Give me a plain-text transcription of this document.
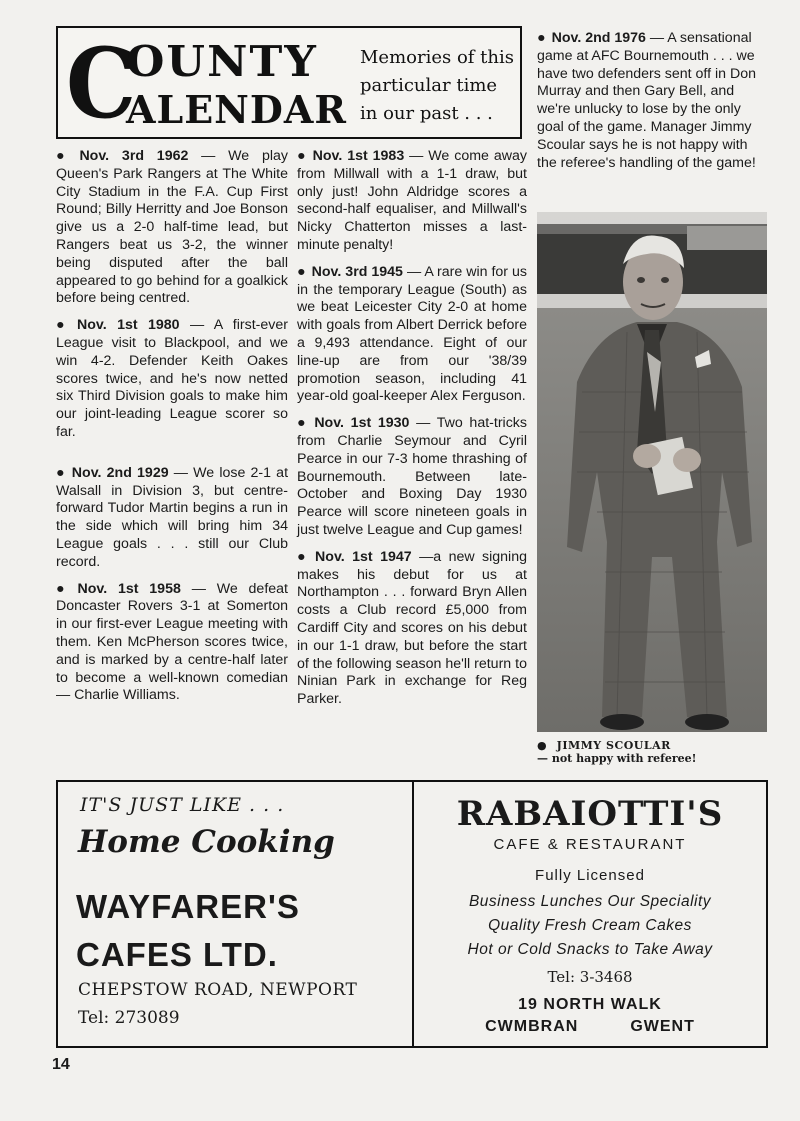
C
OUNTY
ALENDAR
Memories of this particular time in our past . . .

● Nov. 3rd 1962 — We play Queen's Park Rangers at The White City Stadium in the F.A. Cup First Round; Billy Herritty and Joe Bonson give us a 2-0 half-time lead, but Rangers beat us 3-2, the winner being disputed after the ball appeared to go behind for a goalkick before being centred.

● Nov. 1st 1980 — A first-ever League visit to Blackpool, and we win 4-2. Defender Keith Oakes scores twice, and he's now netted six Third Division goals to make him our joint-leading League scorer so far.

● Nov. 2nd 1929 — We lose 2-1 at Walsall in Division 3, but centre-forward Tudor Martin begins a run in the side which will bring him 34 League goals . . . still our Club record.

● Nov. 1st 1958 — We defeat Doncaster Rovers 3-1 at Somerton in our first-ever League meeting with them. Ken McPherson scores twice, and is marked by a centre-half later to become a well-known comedian — Charlie Williams.

● Nov. 1st 1983 — We come away from Millwall with a 1-1 draw, but only just! John Aldridge scores a second-half equaliser, and Millwall's Nicky Chatterton misses a last-minute penalty!

● Nov. 3rd 1945 — A rare win for us in the temporary League (South) as we beat Leicester City 2-0 at home with goals from Albert Derrick before a 9,493 attendance. Eight of our line-up are from our '38/39 promotion season, including 41 year-old goal-keeper Alex Ferguson.

● Nov. 1st 1930 — Two hat-tricks from Charlie Seymour and Cyril Pearce in our 7-3 home thrashing of Bournemouth. Between late-October and Boxing Day 1930 Pearce will score nineteen goals in just twelve League and Cup games!

● Nov. 1st 1947 —a new signing makes his debut for us at Northampton . . . forward Bryn Allen costs a Club record £5,000 from Cardiff City and scores on his debut in our 1-1 draw, but before the start of the following season he'll return to Ninian Park in exchange for Reg Parker.

● Nov. 2nd 1976 — A sensational game at AFC Bournemouth . . . we have two defenders sent off in Don Murray and then Gary Bell, and we're unlucky to lose by the only goal of the game. Manager Jimmy Scoular says he is not happy with the referee's handling of the game!

● JIMMY SCOULAR
— not happy with referee!
IT'S JUST LIKE . . .
Home Cooking
WAYFARER'S
CAFES LTD.
CHEPSTOW ROAD, NEWPORT
Tel: 273089
RABAIOTTI'S
CAFE & RESTAURANT
Fully Licensed
Business Lunches Our Speciality
Quality Fresh Cream Cakes
Hot or Cold Snacks to Take Away
Tel: 3-3468
19 NORTH WALK
CWMBRAN	GWENT
14
